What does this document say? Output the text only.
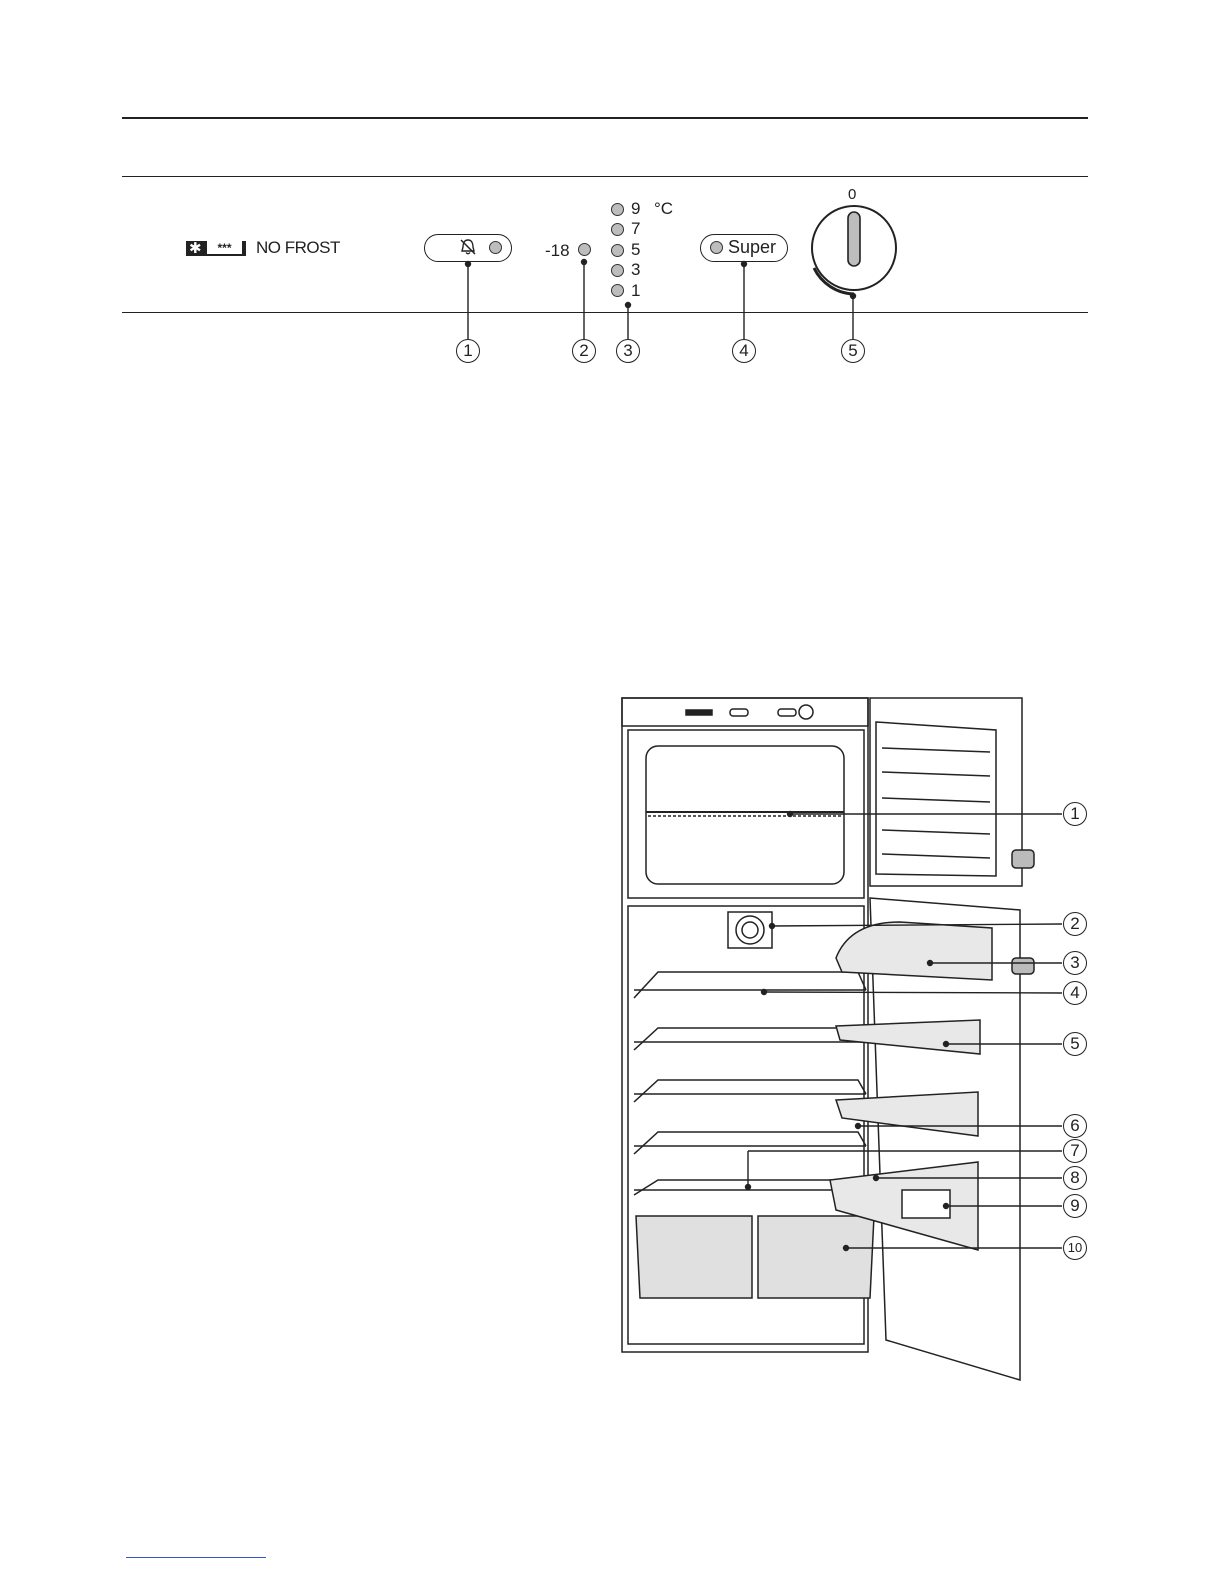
✱	***	NO FROST	-18
9 °C
7
5
3
1
Super
0
1	2	3	4	5
1
2
3
4
5
6
7
8
9
10
